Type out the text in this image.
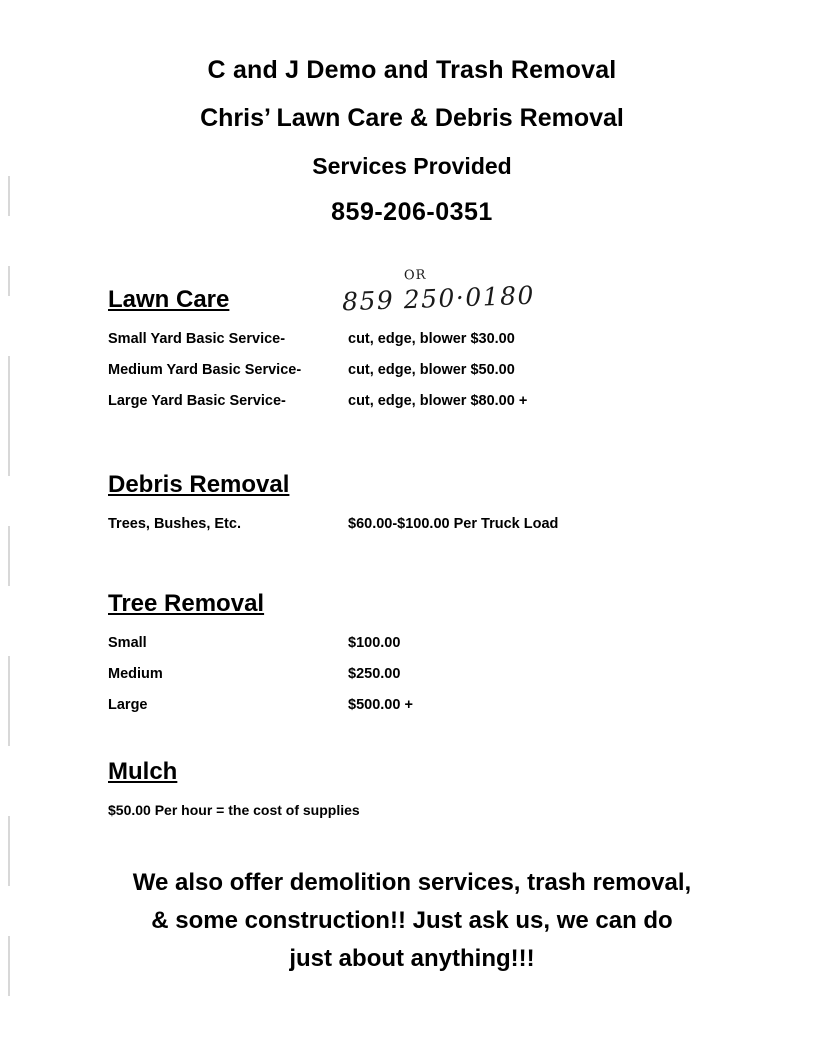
C and J Demo and Trash Removal
Chris’ Lawn Care & Debris Removal
Services Provided
859-206-0351
OR
859 250·0180
Lawn Care
Small Yard Basic Service-	cut, edge, blower $30.00
Medium Yard Basic Service-	cut, edge, blower $50.00
Large Yard Basic Service-	cut, edge, blower $80.00 +
Debris Removal
Trees, Bushes, Etc.	$60.00-$100.00 Per Truck Load
Tree Removal
Small	$100.00
Medium	$250.00
Large	$500.00 +
Mulch
$50.00 Per hour = the cost of supplies
We also offer demolition services, trash removal,
& some construction!! Just ask us, we can do
just about anything!!!
